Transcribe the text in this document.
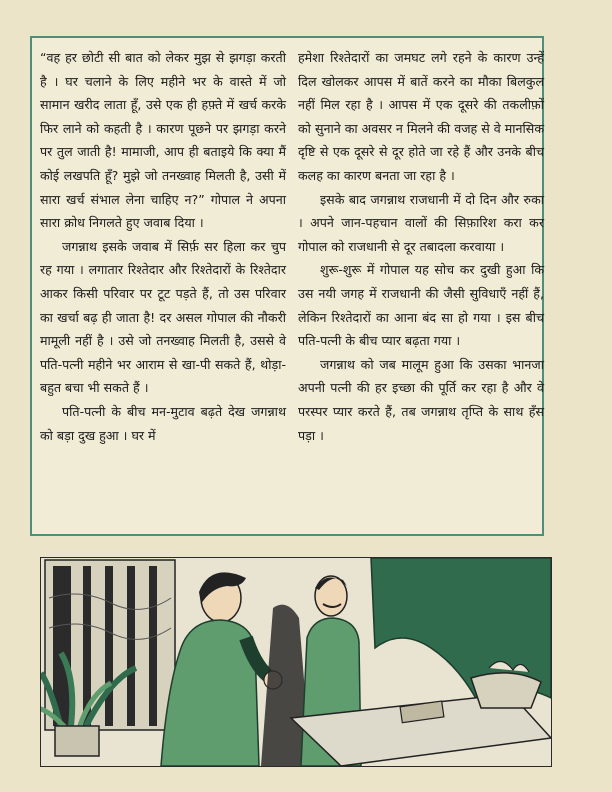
“वह हर छोटी सी बात को लेकर मुझ से झगड़ा करती है । घर चलाने के लिए महीने भर के वास्ते में जो सामान खरीद लाता हूँ, उसे एक ही हफ़्ते में खर्च करके फिर लाने को कहती है । कारण पूछने पर झगड़ा करने पर तुल जाती है! मामाजी, आप ही बताइये कि क्या मैं कोई लखपति हूँ? मुझे जो तनख्वाह मिलती है, उसी में सारा खर्च संभाल लेना चाहिए न?” गोपाल ने अपना सारा क्रोध निगलते हुए जवाब दिया ।

जगन्नाथ इसके जवाब में सिर्फ़ सर हिला कर चुप रह गया । लगातार रिश्तेदार और रिश्तेदारों के रिश्तेदार आकर किसी परिवार पर टूट पड़ते हैं, तो उस परिवार का खर्चा बढ़ ही जाता है! दर असल गोपाल की नौकरी मामूली नहीं है । उसे जो तनख्वाह मिलती है, उससे वे पति-पत्नी महीने भर आराम से खा-पी सकते हैं, थोड़ा-बहुत बचा भी सकते हैं ।

पति-पत्नी के बीच मन-मुटाव बढ़ते देख जगन्नाथ को बड़ा दुख हुआ । घर में

हमेशा रिश्तेदारों का जमघट लगे रहने के कारण उन्हें दिल खोलकर आपस में बातें करने का मौका बिलकुल नहीं मिल रहा है । आपस में एक दूसरे की तकलीफ़ों को सुनाने का अवसर न मिलने की वजह से वे मानसिक दृष्टि से एक दूसरे से दूर होते जा रहे हैं और उनके बीच कलह का कारण बनता जा रहा है ।

इसके बाद जगन्नाथ राजधानी में दो दिन और रुका । अपने जान-पहचान वालों की सिफ़ारिश करा कर गोपाल को राजधानी से दूर तबादला करवाया ।

शुरू-शुरू में गोपाल यह सोच कर दुखी हुआ कि उस नयी जगह में राजधानी की जैसी सुविधाएँ नहीं हैं, लेकिन रिश्तेदारों का आना बंद सा हो गया । इस बीच पति-पत्नी के बीच प्यार बढ़ता गया ।

जगन्नाथ को जब मालूम हुआ कि उसका भानजा अपनी पत्नी की हर इच्छा की पूर्ति कर रहा है और वे परस्पर प्यार करते हैं, तब जगन्नाथ तृप्ति के साथ हँस पड़ा ।
